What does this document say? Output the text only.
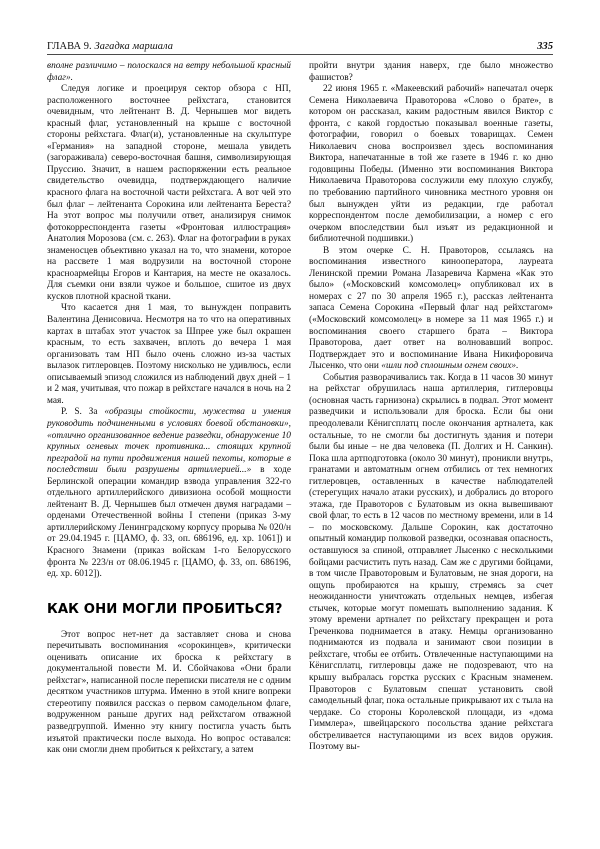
ГЛАВА 9. Загадка маршала	335

вполне различимо – полоскался на ветру небольшой красный флаг».

Следуя логике и проецируя сектор обзора с НП, расположенного восточнее рейхстага, становится очевидным, что лейтенант В. Д. Чернышев мог видеть красный флаг, установленный на крыше с восточной стороны рейхстага. Флаг(и), установленные на скульптуре «Германия» на западной стороне, мешала увидеть (загораживала) северо-восточная башня, символизирующая Пруссию. Значит, в нашем распоряжении есть реальное свидетельство очевидца, подтверждающего наличие красного флага на восточной части рейхстага. А вот чей это был флаг – лейтенанта Сорокина или лейтенанта Береста? На этот вопрос мы получили ответ, анализируя снимок фотокорреспондента газеты «Фронтовая иллюстрация» Анатолия Морозова (см. с. 263). Флаг на фотографии в руках знаменосцев объективно указал на то, что знамени, которое на рассвете 1 мая водрузили на восточной стороне красноармейцы Егоров и Кантария, на месте не оказалось. Для съемки они взяли чужое и большое, сшитое из двух кусков плотной красной ткани.

Что касается дня 1 мая, то вынужден поправить Валентина Денисовича. Несмотря на то что на оперативных картах в штабах этот участок за Шпрее уже был окрашен красным, то есть захвачен, вплоть до вечера 1 мая организовать там НП было очень сложно из-за частых вылазок гитлеровцев. Поэтому нисколько не удивлюсь, если описываемый эпизод сложился из наблюдений двух дней – 1 и 2 мая, учитывая, что пожар в рейхстаге начался в ночь на 2 мая.

P. S. За «образцы стойкости, мужества и умения руководить подчиненными в условиях боевой обстановки», «отлично организованное ведение разведки, обнаружение 10 крупных огневых точек противника... стоящих крупной преградой на пути продвижения нашей пехоты, которые в последствии были разрушены артиллерией...» в ходе Берлинской операции командир взвода управления 322-го отдельного артиллерийского дивизиона особой мощности лейтенант В. Д. Чернышев был отмечен двумя наградами – орденами Отечественной войны I степени (приказ 3-му артиллерийскому Ленинградскому корпусу прорыва № 020/н от 29.04.1945 г. [ЦАМО, ф. 33, оп. 686196, ед. хр. 1061]) и Красного Знамени (приказ войскам 1-го Белорусского фронта № 223/н от 08.06.1945 г. [ЦАМО, ф. 33, оп. 686196, ед. хр. 6012]).

КАК ОНИ МОГЛИ ПРОБИТЬСЯ?

Этот вопрос нет-нет да заставляет снова и снова перечитывать воспоминания «сорокинцев», критически оценивать описание их броска к рейхстагу в документальной повести М. И. Сбойчакова «Они брали рейхстаг», написанной после переписки писателя не с одним десятком участников штурма. Именно в этой книге вопреки стереотипу появился рассказ о первом самодельном флаге, водруженном раньше других над рейхстагом отважной разведгруппой. Именно эту книгу постигла участь быть изъятой практически после выхода. Но вопрос оставался: как они смогли днем пробиться к рейхстагу, а затем

пройти внутри здания наверх, где было множество фашистов?

22 июня 1965 г. «Макеевский рабочий» напечатал очерк Семена Николаевича Правоторова «Слово о брате», в котором он рассказал, каким радостным явился Виктор с фронта, с какой гордостью показывал военные газеты, фотографии, говорил о боевых товарищах. Семен Николаевич снова воспроизвел здесь воспоминания Виктора, напечатанные в той же газете в 1946 г. ко дню годовщины Победы. (Именно эти воспоминания Виктора Николаевича Правоторова сослужили ему плохую службу, по требованию партийного чиновника местного уровня он был вынужден уйти из редакции, где работал корреспондентом после демобилизации, а номер с его очерком впоследствии был изъят из редакционной и библиотечной подшивки.)

В этом очерке С. Н. Правоторов, ссылаясь на воспоминания известного кинооператора, лауреата Ленинской премии Романа Лазаревича Кармена «Как это было» («Московский комсомолец» опубликовал их в номерах с 27 по 30 апреля 1965 г.), рассказ лейтенанта запаса Семена Сорокина «Первый флаг над рейхстагом» («Московский комсомолец» в номере за 11 мая 1965 г.) и воспоминания своего старшего брата – Виктора Правоторова, дает ответ на волновавший вопрос. Подтверждает это и воспоминание Ивана Никифоровича Лысенко, что они «шли под сплошным огнем своих».

События разворачивались так. Когда в 11 часов 30 минут на рейхстаг обрушилась наша артиллерия, гитлеровцы (основная часть гарнизона) скрылись в подвал. Этот момент разведчики и использовали для броска. Если бы они преодолевали Кёнигсплатц после окончания артналета, как остальные, то не смогли бы достигнуть здания и потери были бы иные – не два человека (П. Долгих и Н. Санкин). Пока шла артподготовка (около 30 минут), проникли внутрь, гранатами и автоматным огнем отбились от тех немногих гитлеровцев, оставленных в качестве наблюдателей (стерегущих начало атаки русских), и добрались до второго этажа, где Правоторов с Булатовым из окна вывешивают свой флаг, то есть в 12 часов по местному времени, или в 14 – по московскому. Дальше Сорокин, как достаточно опытный командир полковой разведки, осознавая опасность, оставшуюся за спиной, отправляет Лысенко с несколькими бойцами расчистить путь назад. Сам же с другими бойцами, в том числе Правоторовым и Булатовым, не зная дороги, на ощупь пробираются на крышу, стремясь за счет неожиданности уничтожать отдельных немцев, избегая стычек, которые могут помешать выполнению задания. К этому времени артналет по рейхстагу прекращен и рота Греченкова поднимается в атаку. Немцы организованно поднимаются из подвала и занимают свои позиции в рейхстаге, чтобы ее отбить. Отвлеченные наступающими на Кёнигсплатц, гитлеровцы даже не подозревают, что на крышу выбралась горстка русских с Красным знаменем. Правоторов с Булатовым спешат установить свой самодельный флаг, пока остальные прикрывают их с тыла на чердаке. Со стороны Королевской площади, из «дома Гиммлера», швейцарского посольства здание рейхстага обстреливается наступающими из всех видов оружия. Поэтому вы-
